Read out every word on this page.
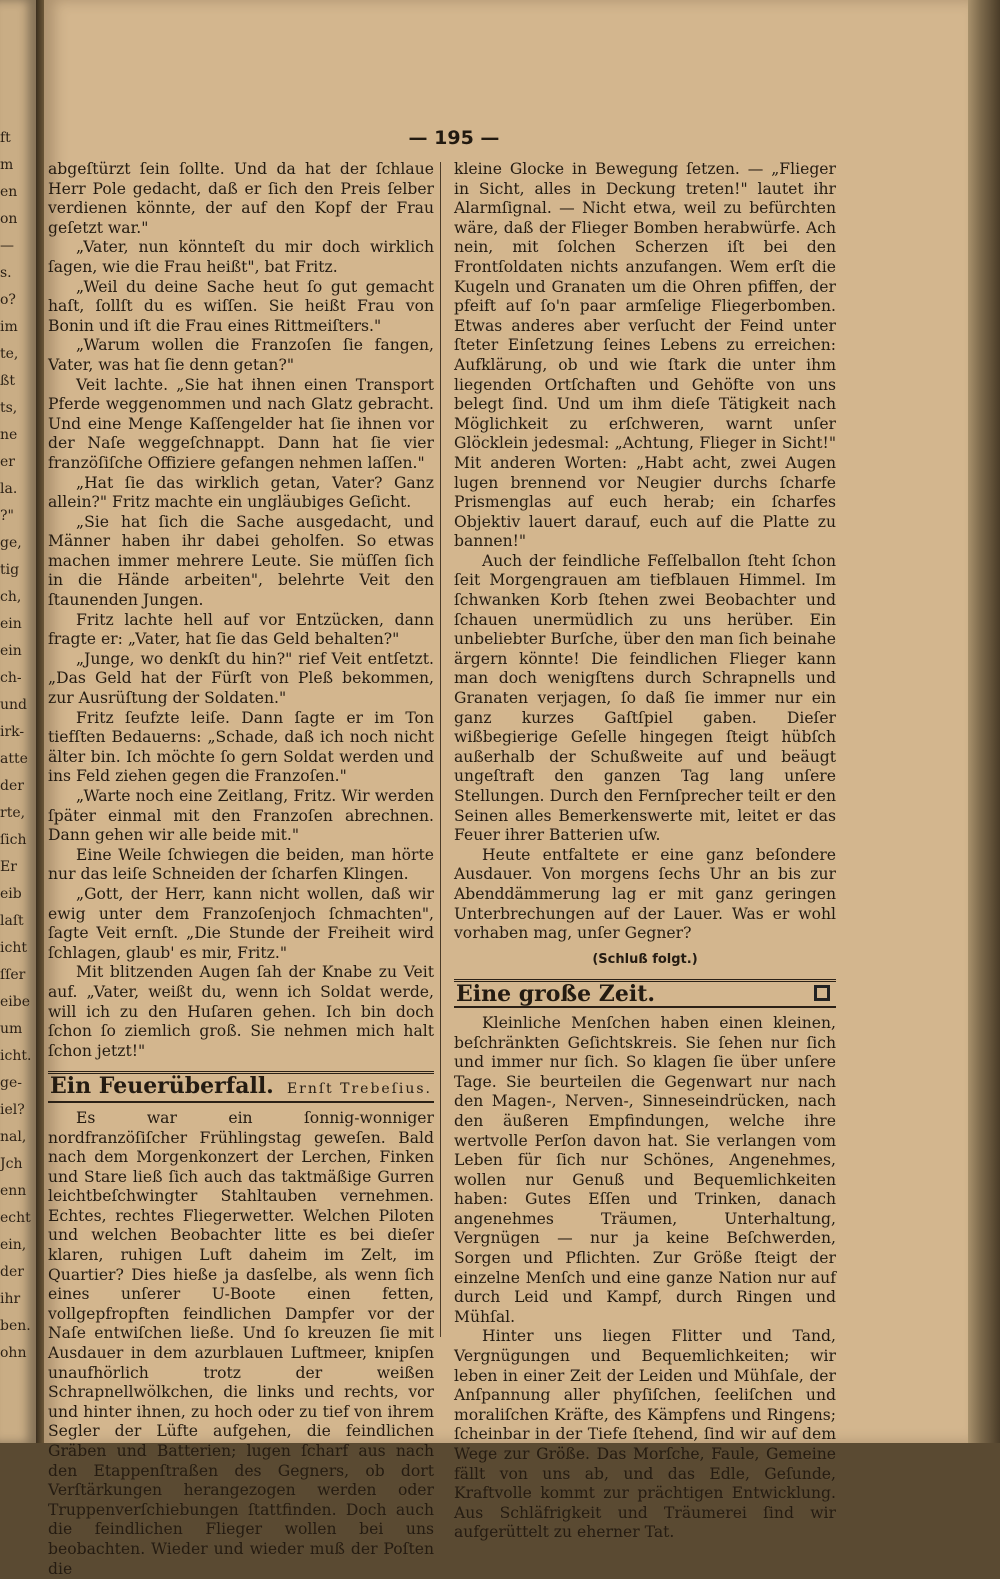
ft
m
en
on
—
s.
o?
im
te,
ßt
ts,
ne
er
la.
?"
ge,
tig
ch,
ein
ein
ch-
und
irk-
atte
der
rte,
ſich
Er
eib
laſt
icht
ſſer
eibe
um
icht.
ge-
iel?
nal,
Jch
enn
echt
ein,
der
ihr
ben.
ohn
— 195 —

abgeſtürzt ſein ſollte. Und da hat der ſchlaue Herr Pole gedacht, daß er ſich den Preis ſelber verdienen könnte, der auf den Kopf der Frau geſetzt war."

„Vater, nun könnteſt du mir doch wirklich ſagen, wie die Frau heißt", bat Fritz.

„Weil du deine Sache heut ſo gut gemacht haſt, ſollſt du es wiſſen. Sie heißt Frau von Bonin und iſt die Frau eines Rittmeiſters."

„Warum wollen die Franzoſen ſie fangen, Vater, was hat ſie denn getan?"

Veit lachte. „Sie hat ihnen einen Transport Pferde weggenommen und nach Glatz gebracht. Und eine Menge Kaſſengelder hat ſie ihnen vor der Naſe weggeſchnappt. Dann hat ſie vier franzöſiſche Offiziere gefangen nehmen laſſen."

„Hat ſie das wirklich getan, Vater? Ganz allein?" Fritz machte ein ungläubiges Geſicht.

„Sie hat ſich die Sache ausgedacht, und Männer haben ihr dabei geholfen. So etwas machen immer mehrere Leute. Sie müſſen ſich in die Hände arbeiten", belehrte Veit den ſtaunenden Jungen.

Fritz lachte hell auf vor Entzücken, dann fragte er: „Vater, hat ſie das Geld behalten?"

„Junge, wo denkſt du hin?" rief Veit entſetzt. „Das Geld hat der Fürſt von Pleß bekommen, zur Ausrüſtung der Soldaten."

Fritz ſeufzte leiſe. Dann ſagte er im Ton tiefſten Bedauerns: „Schade, daß ich noch nicht älter bin. Ich möchte ſo gern Soldat werden und ins Feld ziehen gegen die Franzoſen."

„Warte noch eine Zeitlang, Fritz. Wir werden ſpäter einmal mit den Franzoſen abrechnen. Dann gehen wir alle beide mit."

Eine Weile ſchwiegen die beiden, man hörte nur das leiſe Schneiden der ſcharfen Klingen.

„Gott, der Herr, kann nicht wollen, daß wir ewig unter dem Franzoſenjoch ſchmachten", ſagte Veit ernſt. „Die Stunde der Freiheit wird ſchlagen, glaub' es mir, Fritz."

Mit blitzenden Augen ſah der Knabe zu Veit auf. „Vater, weißt du, wenn ich Soldat werde, will ich zu den Huſaren gehen. Ich bin doch ſchon ſo ziemlich groß. Sie nehmen mich halt ſchon jetzt!"

Ein Feuerüberfall. Ernſt Trebeſius.

Es war ein ſonnig-wonniger nordfranzöſiſcher Frühlingstag geweſen. Bald nach dem Morgenkonzert der Lerchen, Finken und Stare ließ ſich auch das taktmäßige Gurren leichtbeſchwingter Stahltauben vernehmen. Echtes, rechtes Fliegerwetter. Welchen Piloten und welchen Beobachter litte es bei dieſer klaren, ruhigen Luft daheim im Zelt, im Quartier? Dies hieße ja dasſelbe, als wenn ſich eines unſerer U-Boote einen fetten, vollgepfropften feindlichen Dampfer vor der Naſe entwiſchen ließe. Und ſo kreuzen ſie mit Ausdauer in dem azurblauen Luftmeer, knipſen unaufhörlich trotz der weißen Schrapnellwölkchen, die links und rechts, vor und hinter ihnen, zu hoch oder zu tief von ihrem Segler der Lüfte aufgehen, die feindlichen Gräben und Batterien; lugen ſcharf aus nach den Etappenſtraßen des Gegners, ob dort Verſtärkungen herangezogen werden oder Truppenverſchiebungen ſtattfinden. Doch auch die feindlichen Flieger wollen bei uns beobachten. Wieder und wieder muß der Poſten die

kleine Glocke in Bewegung ſetzen. — „Flieger in Sicht, alles in Deckung treten!" lautet ihr Alarmſignal. — Nicht etwa, weil zu befürchten wäre, daß der Flieger Bomben herabwürfe. Ach nein, mit ſolchen Scherzen iſt bei den Frontſoldaten nichts anzufangen. Wem erſt die Kugeln und Granaten um die Ohren pfiffen, der pfeift auf ſo'n paar armſelige Fliegerbomben. Etwas anderes aber verſucht der Feind unter ſteter Einſetzung ſeines Lebens zu erreichen: Aufklärung, ob und wie ſtark die unter ihm liegenden Ortſchaften und Gehöfte von uns belegt ſind. Und um ihm dieſe Tätigkeit nach Möglichkeit zu erſchweren, warnt unſer Glöcklein jedesmal: „Achtung, Flieger in Sicht!" Mit anderen Worten: „Habt acht, zwei Augen lugen brennend vor Neugier durchs ſcharfe Prismenglas auf euch herab; ein ſcharfes Objektiv lauert darauf, euch auf die Platte zu bannen!"

Auch der feindliche Feſſelballon ſteht ſchon ſeit Morgengrauen am tiefblauen Himmel. Im ſchwanken Korb ſtehen zwei Beobachter und ſchauen unermüdlich zu uns herüber. Ein unbeliebter Burſche, über den man ſich beinahe ärgern könnte! Die feindlichen Flieger kann man doch wenigſtens durch Schrapnells und Granaten verjagen, ſo daß ſie immer nur ein ganz kurzes Gaſtſpiel gaben. Dieſer wißbegierige Geſelle hingegen ſteigt hübſch außerhalb der Schußweite auf und beäugt ungeſtraft den ganzen Tag lang unſere Stellungen. Durch den Fernſprecher teilt er den Seinen alles Bemerkenswerte mit, leitet er das Feuer ihrer Batterien uſw.

Heute entfaltete er eine ganz beſondere Ausdauer. Von morgens ſechs Uhr an bis zur Abenddämmerung lag er mit ganz geringen Unterbrechungen auf der Lauer. Was er wohl vorhaben mag, unſer Gegner?

(Schluß folgt.)
Eine große Zeit.

Kleinliche Menſchen haben einen kleinen, beſchränkten Geſichtskreis. Sie ſehen nur ſich und immer nur ſich. So klagen ſie über unſere Tage. Sie beurteilen die Gegenwart nur nach den Magen-, Nerven-, Sinneseindrücken, nach den äußeren Empfindungen, welche ihre wertvolle Perſon davon hat. Sie verlangen vom Leben für ſich nur Schönes, Angenehmes, wollen nur Genuß und Bequemlichkeiten haben: Gutes Eſſen und Trinken, danach angenehmes Träumen, Unterhaltung, Vergnügen — nur ja keine Beſchwerden, Sorgen und Pflichten. Zur Größe ſteigt der einzelne Menſch und eine ganze Nation nur auf durch Leid und Kampf, durch Ringen und Mühſal.

Hinter uns liegen Flitter und Tand, Vergnügungen und Bequemlichkeiten; wir leben in einer Zeit der Leiden und Mühſale, der Anſpannung aller phyſiſchen, ſeeliſchen und moraliſchen Kräfte, des Kämpfens und Ringens; ſcheinbar in der Tiefe ſtehend, ſind wir auf dem Wege zur Größe. Das Morſche, Faule, Gemeine fällt von uns ab, und das Edle, Geſunde, Kraftvolle kommt zur prächtigen Entwicklung. Aus Schläfrigkeit und Träumerei ſind wir aufgerüttelt zu eherner Tat.
